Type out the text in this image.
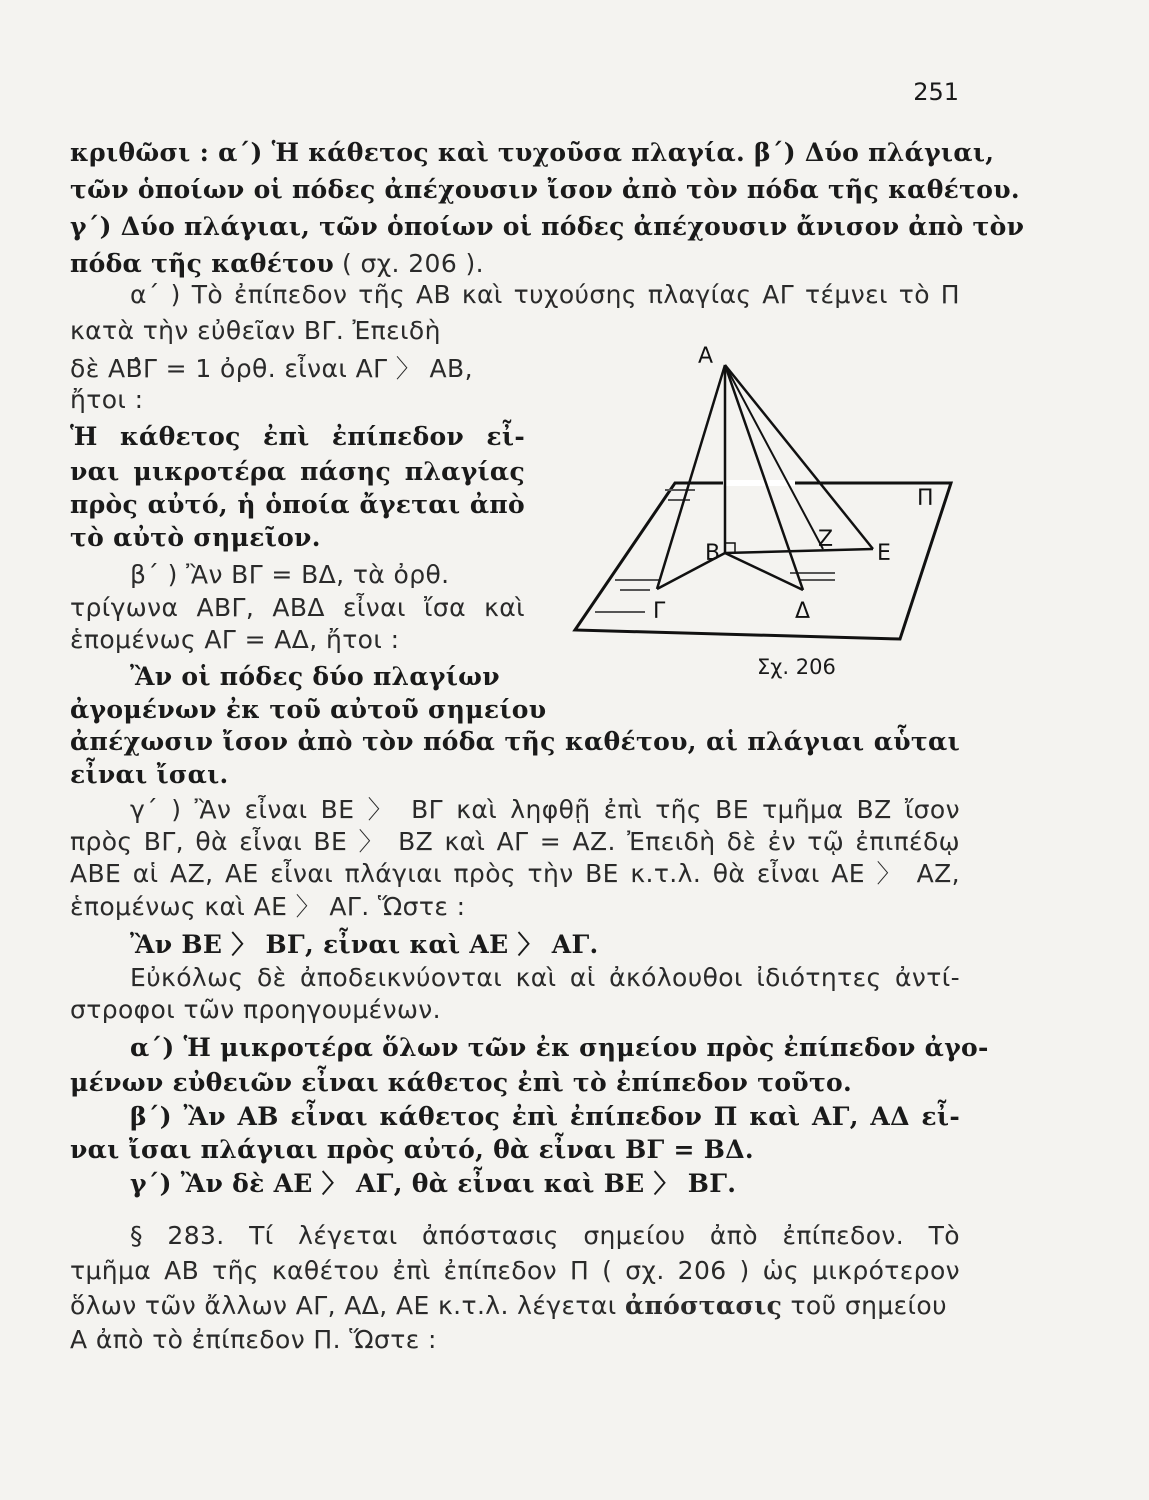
251
κριθῶσι : α΄) Ἡ κάθετος καὶ τυχοῦσα πλαγία. β΄) Δύο πλάγιαι,
τῶν ὁποίων οἱ πόδες ἀπέχουσιν ἴσον ἀπὸ τὸν πόδα τῆς καθέτου.
γ΄) Δύο πλάγιαι, τῶν ὁποίων οἱ πόδες ἀπέχουσιν ἄνισον ἀπὸ τὸν
πόδα τῆς καθέτου ( σχ. 206 ).
α΄ ) Τὸ ἐπίπεδον τῆς ΑΒ καὶ τυχούσης πλαγίας ΑΓ τέμνει τὸ Π
κατὰ τὴν εὐθεῖαν ΒΓ. Ἐπειδὴ
δὲ ΑΒ̂Γ = 1 ὀρθ. εἶναι ΑΓ 〉 ΑΒ,
ἤτοι :
Ἡ κάθετος ἐπὶ ἐπίπεδον εἶ-
ναι μικροτέρα πάσης πλαγίας
πρὸς αὐτό, ἡ ὁποία ἄγεται ἀπὸ
τὸ αὐτὸ σημεῖον.
β΄ ) Ἂν ΒΓ = ΒΔ, τὰ ὀρθ.
τρίγωνα ΑΒΓ, ΑΒΔ εἶναι ἴσα καὶ
ἑπομένως ΑΓ = ΑΔ, ἤτοι :
Ἂν οἱ πόδες δύο πλαγίων
ἀγομένων ἐκ τοῦ αὐτοῦ σημείου
ἀπέχωσιν ἴσον ἀπὸ τὸν πόδα τῆς καθέτου, αἱ πλάγιαι αὗται
εἶναι ἴσαι.
γ΄ ) Ἂν εἶναι ΒΕ 〉 ΒΓ καὶ ληφθῇ ἐπὶ τῆς ΒΕ τμῆμα ΒΖ ἴσον
πρὸς ΒΓ, θὰ εἶναι ΒΕ 〉 ΒΖ καὶ ΑΓ = ΑΖ. Ἐπειδὴ δὲ ἐν τῷ ἐπιπέδῳ
ΑΒΕ αἱ ΑΖ, ΑΕ εἶναι πλάγιαι πρὸς τὴν ΒΕ κ.τ.λ. θὰ εἶναι ΑΕ 〉 ΑΖ,
ἑπομένως καὶ ΑΕ 〉 ΑΓ. Ὥστε :
Ἂν ΒΕ 〉 ΒΓ, εἶναι καὶ ΑΕ 〉 ΑΓ.
Εὐκόλως δὲ ἀποδεικνύονται καὶ αἱ ἀκόλουθοι ἰδιότητες ἀντί-
στροφοι τῶν προηγουμένων.
α΄) Ἡ μικροτέρα ὅλων τῶν ἐκ σημείου πρὸς ἐπίπεδον ἀγο-
μένων εὐθειῶν εἶναι κάθετος ἐπὶ τὸ ἐπίπεδον τοῦτο.
β΄) Ἂν ΑΒ εἶναι κάθετος ἐπὶ ἐπίπεδον Π καὶ ΑΓ, ΑΔ εἶ-
ναι ἴσαι πλάγιαι πρὸς αὐτό, θὰ εἶναι ΒΓ = ΒΔ.
γ΄) Ἂν δὲ ΑΕ 〉 ΑΓ, θὰ εἶναι καὶ ΒΕ 〉 ΒΓ.
§ 283. Τί λέγεται ἀπόστασις σημείου ἀπὸ ἐπίπεδον. Τὸ
τμῆμα ΑΒ τῆς καθέτου ἐπὶ ἐπίπεδον Π ( σχ. 206 ) ὡς μικρότερον
ὅλων τῶν ἄλλων ΑΓ, ΑΔ, ΑΕ κ.τ.λ. λέγεται ἀπόστασις τοῦ σημείου
Α ἀπὸ τὸ ἐπίπεδον Π. Ὥστε :
Α
Β
Γ	Δ
Ζ
Ε
Π
Σχ. 206
